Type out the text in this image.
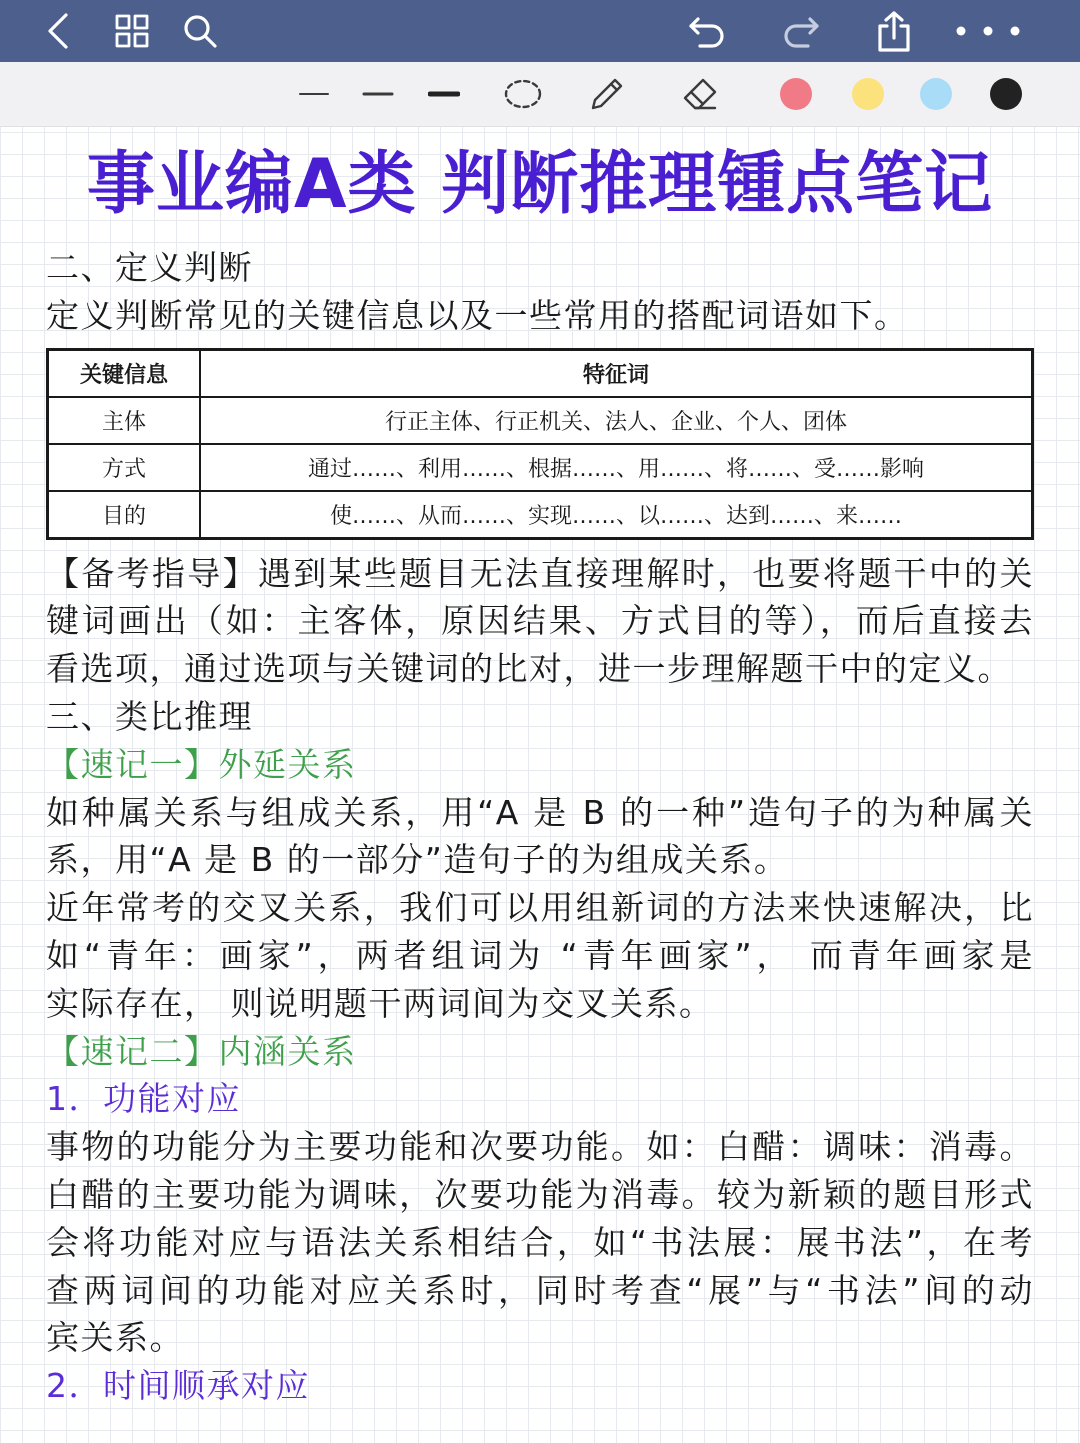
事业编A类 判断推理锺点笔记
二、定义判断
定义判断常见的关键信息以及一些常用的搭配词语如下。
关键信息	特征词
主体	行正主体、行正机关、法人、企业、个人、团体
方式	通过……、利用……、根据……、用……、将……、受……影响
目的	使……、从而……、实现……、以……、达到……、来……
【备考指导】遇到某些题目无法直接理解时，也要将题干中的关
键词画出（如：主客体，原因结果、方式目的等），而后直接去
看选项，通过选项与关键词的比对，进一步理解题干中的定义。
三、类比推理
【速记一】外延关系
如种属关系与组成关系，用“A 是 B 的一种”造句子的为种属关
系，用“A 是 B 的一部分”造句子的为组成关系。
近年常考的交叉关系，我们可以用组新词的方法来快速解决，比
如“青年：画家”，两者组词为 “青年画家”， 而青年画家是
实际存在， 则说明题干两词间为交叉关系。
【速记二】内涵关系
1．功能对应
事物的功能分为主要功能和次要功能。如：白醋：调味：消毒。
白醋的主要功能为调味，次要功能为消毒。较为新颖的题目形式
会将功能对应与语法关系相结合，如“书法展：展书法”，在考
查两词间的功能对应关系时，同时考查“展”与“书法”间的动
宾关系。
2．时间顺承对应
